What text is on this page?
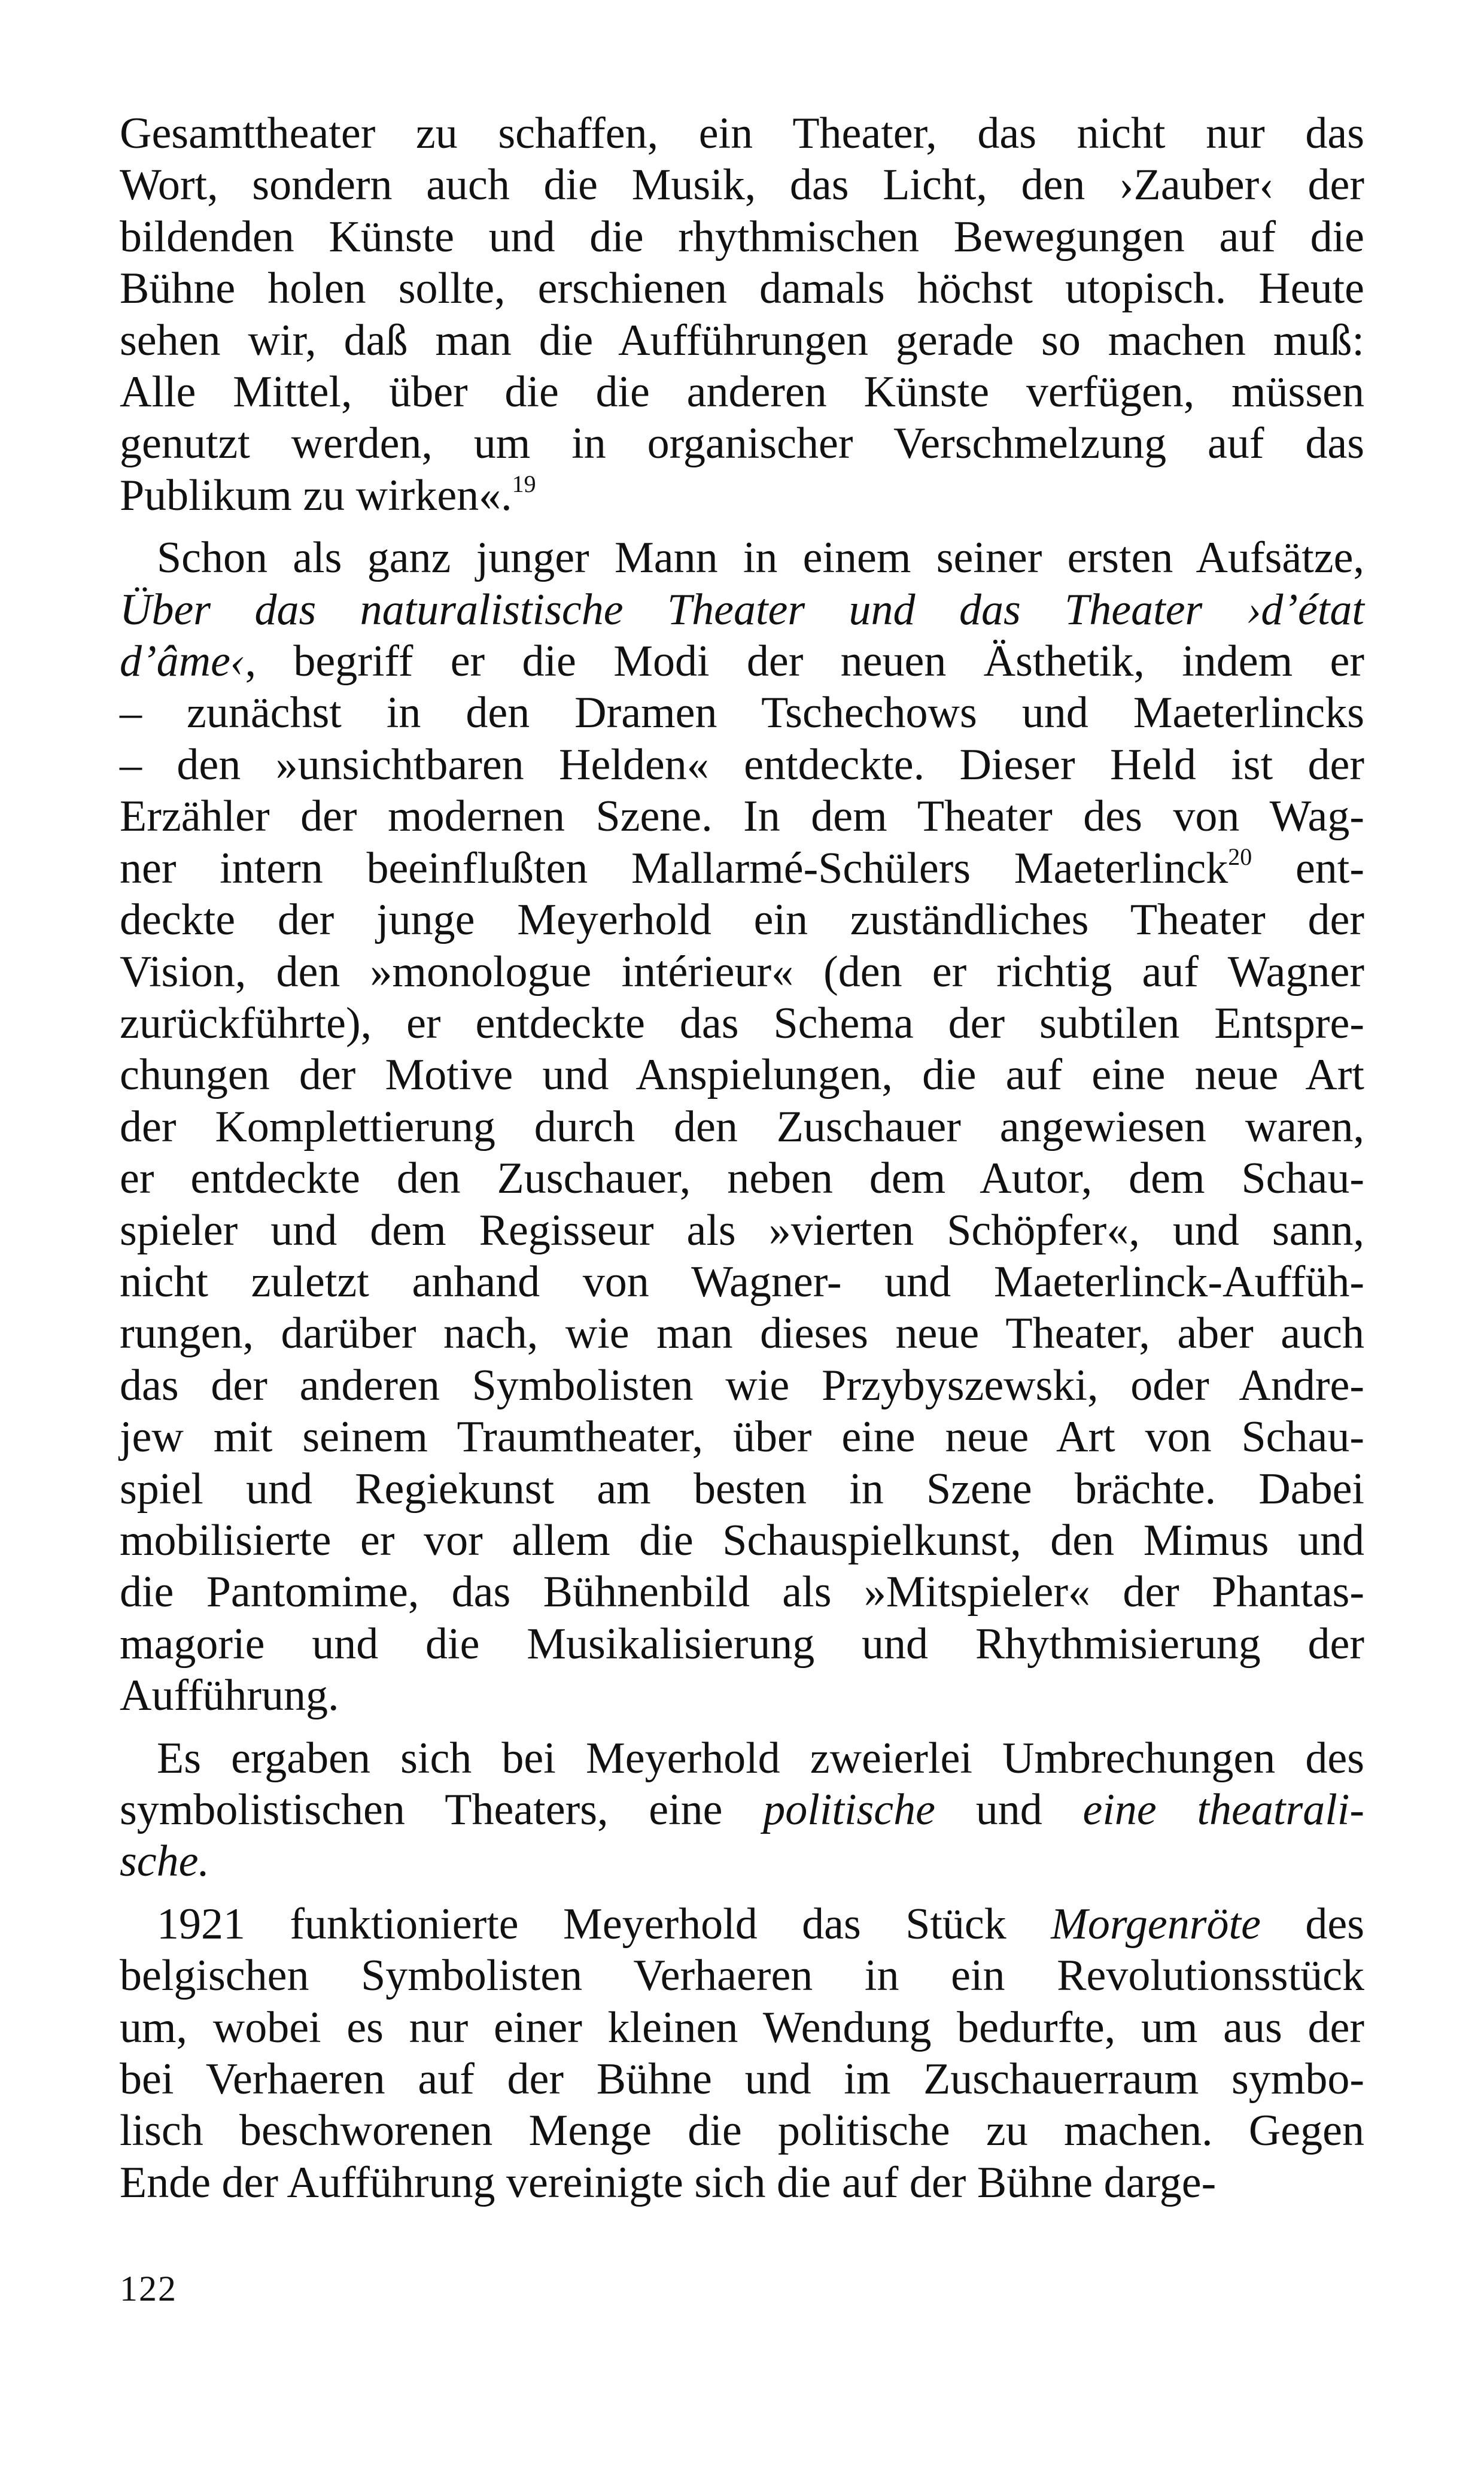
Gesamttheater zu schaffen, ein Theater, das nicht nur das
Wort, sondern auch die Musik, das Licht, den ›Zauber‹ der
bildenden Künste und die rhythmischen Bewegungen auf die
Bühne holen sollte, erschienen damals höchst utopisch. Heute
sehen wir, daß man die Aufführungen gerade so machen muß:
Alle Mittel, über die die anderen Künste verfügen, müssen
genutzt werden, um in organischer Verschmelzung auf das
Publikum zu wirken«.$^{19}$
Schon als ganz junger Mann in einem seiner ersten Aufsätze,
Über das naturalistische Theater und das Theater ›d’état
d’âme‹, begriff er die Modi der neuen Ästhetik, indem er
– zunächst in den Dramen Tschechows und Maeterlincks
– den »unsichtbaren Helden« entdeckte. Dieser Held ist der
Erzähler der modernen Szene. In dem Theater des von Wag-
ner intern beeinflußten Mallarmé-Schülers Maeterlinck$^{20}$ ent-
deckte der junge Meyerhold ein zuständliches Theater der
Vision, den »monologue intérieur« (den er richtig auf Wagner
zurückführte), er entdeckte das Schema der subtilen Entspre-
chungen der Motive und Anspielungen, die auf eine neue Art
der Komplettierung durch den Zuschauer angewiesen waren,
er entdeckte den Zuschauer, neben dem Autor, dem Schau-
spieler und dem Regisseur als »vierten Schöpfer«, und sann,
nicht zuletzt anhand von Wagner- und Maeterlinck-Auffüh-
rungen, darüber nach, wie man dieses neue Theater, aber auch
das der anderen Symbolisten wie Przybyszewski, oder Andre-
jew mit seinem Traumtheater, über eine neue Art von Schau-
spiel und Regiekunst am besten in Szene brächte. Dabei
mobilisierte er vor allem die Schauspielkunst, den Mimus und
die Pantomime, das Bühnenbild als »Mitspieler« der Phantas-
magorie und die Musikalisierung und Rhythmisierung der
Aufführung.
Es ergaben sich bei Meyerhold zweierlei Umbrechungen des
symbolistischen Theaters, eine politische und eine theatrali-
sche.
1921 funktionierte Meyerhold das Stück Morgenröte des
belgischen Symbolisten Verhaeren in ein Revolutionsstück
um, wobei es nur einer kleinen Wendung bedurfte, um aus der
bei Verhaeren auf der Bühne und im Zuschauerraum symbo-
lisch beschworenen Menge die politische zu machen. Gegen
Ende der Aufführung vereinigte sich die auf der Bühne darge-
122
